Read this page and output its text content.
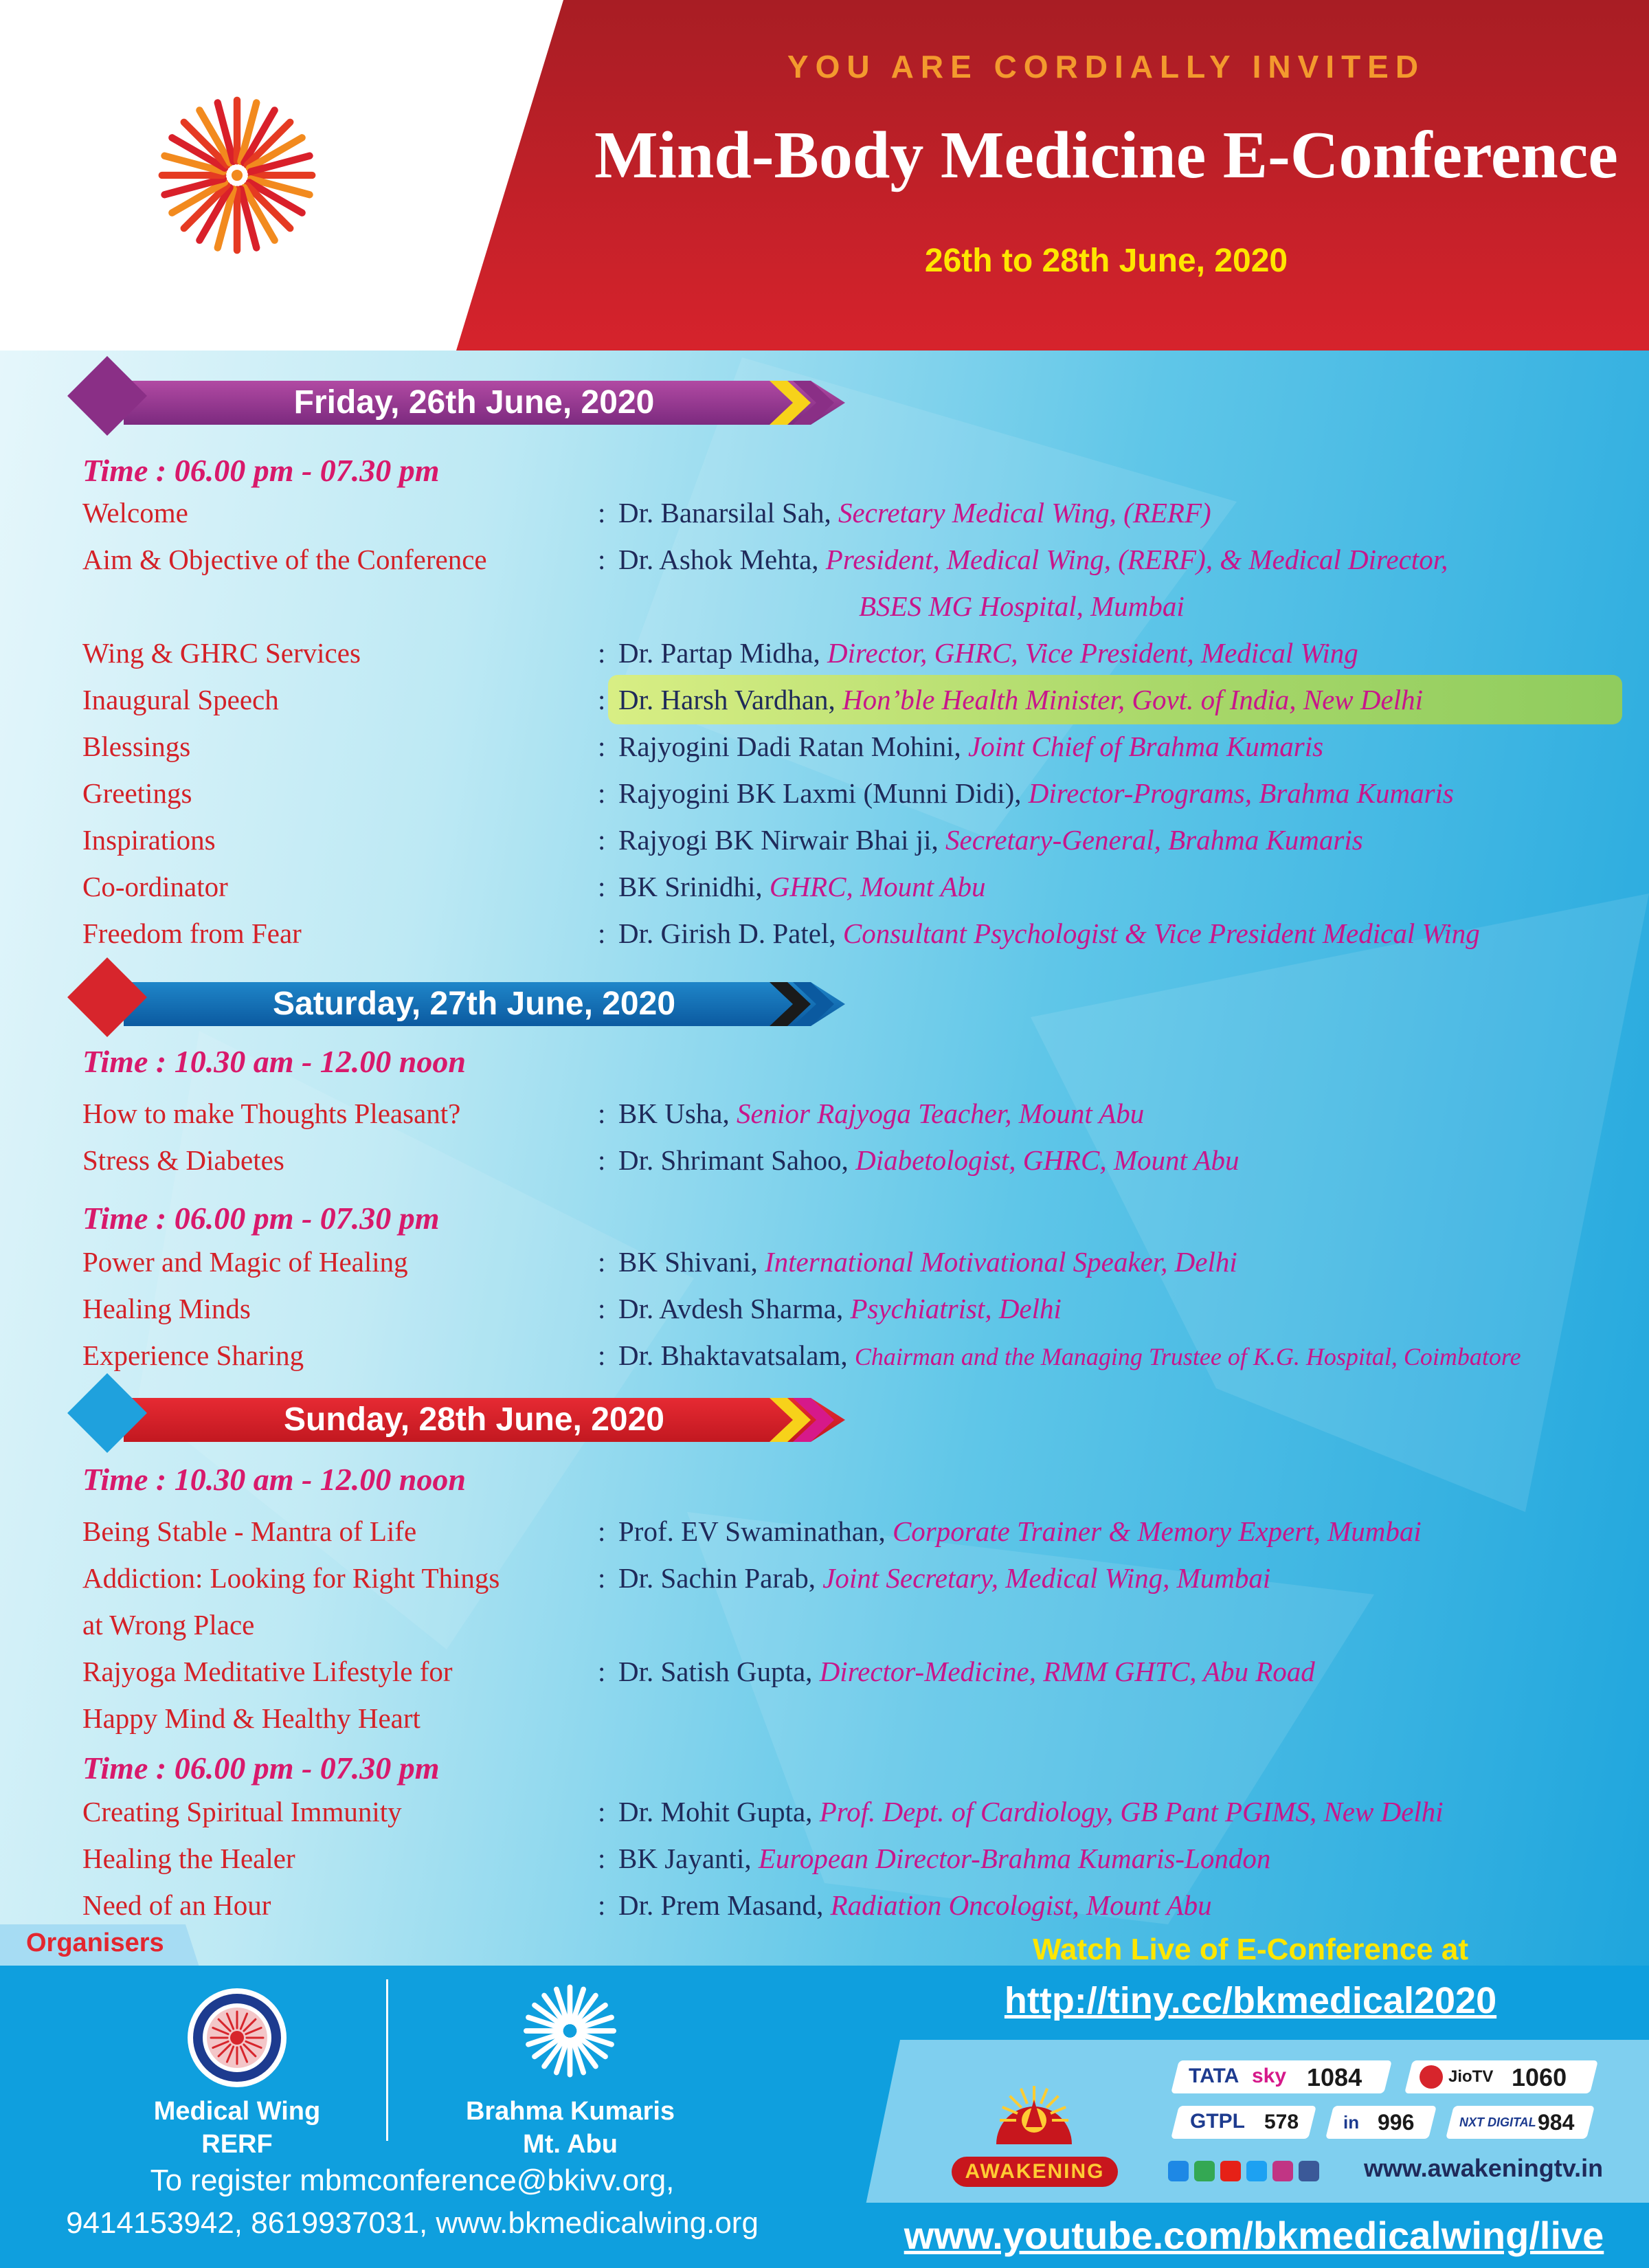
YOU ARE CORDIALLY INVITED
Mind-Body Medicine E-Conference
26th to 28th June, 2020
Friday, 26th June, 2020
Time : 06.00 pm - 07.30 pm
Welcome	: Dr. Banarsilal Sah, Secretary Medical Wing, (RERF)
Aim & Objective of the Conference	: Dr. Ashok Mehta, President, Medical Wing, (RERF), & Medical Director,
BSES MG Hospital, Mumbai
Wing & GHRC Services	: Dr. Partap Midha, Director, GHRC, Vice President, Medical Wing
Inaugural Speech	: Dr. Harsh Vardhan, Hon’ble Health Minister, Govt. of India, New Delhi
Blessings	: Rajyogini Dadi Ratan Mohini, Joint Chief of Brahma Kumaris
Greetings	: Rajyogini BK Laxmi (Munni Didi), Director-Programs, Brahma Kumaris
Inspirations	: Rajyogi BK Nirwair Bhai ji, Secretary-General, Brahma Kumaris
Co-ordinator	: BK Srinidhi, GHRC, Mount Abu
Freedom from Fear	: Dr. Girish D. Patel, Consultant Psychologist & Vice President Medical Wing
Saturday, 27th June, 2020
Time : 10.30 am - 12.00 noon
How to make Thoughts Pleasant?	: BK Usha, Senior Rajyoga Teacher, Mount Abu
Stress & Diabetes	: Dr. Shrimant Sahoo, Diabetologist, GHRC, Mount Abu
Time : 06.00 pm - 07.30 pm
Power and Magic of Healing	: BK Shivani, International Motivational Speaker, Delhi
Healing Minds	: Dr. Avdesh Sharma, Psychiatrist, Delhi
Experience Sharing	: Dr. Bhaktavatsalam, Chairman and the Managing Trustee of K.G. Hospital, Coimbatore
Sunday, 28th June, 2020
Time : 10.30 am - 12.00 noon
Being Stable - Mantra of Life	: Prof. EV Swaminathan, Corporate Trainer & Memory Expert, Mumbai
Addiction: Looking for Right Things
at Wrong Place
: Dr. Sachin Parab, Joint Secretary, Medical Wing, Mumbai
Rajyoga Meditative Lifestyle for
Happy Mind & Healthy Heart
: Dr. Satish Gupta, Director-Medicine, RMM GHTC, Abu Road
Time : 06.00 pm - 07.30 pm
Creating Spiritual Immunity	: Dr. Mohit Gupta, Prof. Dept. of Cardiology, GB Pant PGIMS, New Delhi
Healing the Healer	: BK Jayanti, European Director-Brahma Kumaris-London
Need of an Hour	: Dr. Prem Masand, Radiation Oncologist, Mount Abu
Organisers
Medical Wing
RERF
Brahma Kumaris
Mt. Abu
To register mbmconference@bkivv.org,
9414153942, 8619937031, www.bkmedicalwing.org
Watch Live of E-Conference at
http://tiny.cc/bkmedical2020
AWAKENING
TATA sky 1084	JioTV 1060
GTPL 578 in 996	NXT DIGITAL 984
www.awakeningtv.in
www.youtube.com/bkmedicalwing/live
